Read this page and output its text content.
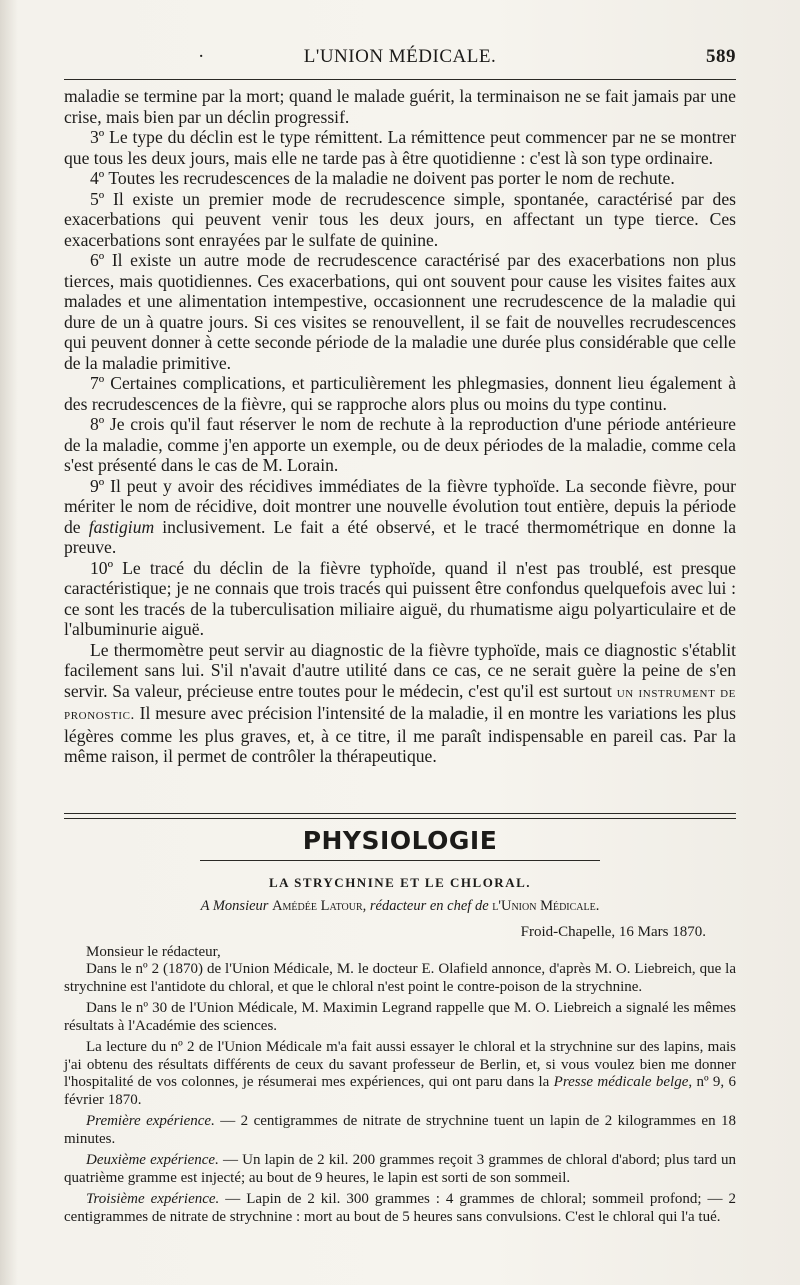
·	L'UNION MÉDICALE.	589

maladie se termine par la mort; quand le malade guérit, la terminaison ne se fait jamais par une crise, mais bien par un déclin progressif.

3º Le type du déclin est le type rémittent. La rémittence peut commencer par ne se montrer que tous les deux jours, mais elle ne tarde pas à être quotidienne : c'est là son type ordinaire.

4º Toutes les recrudescences de la maladie ne doivent pas porter le nom de rechute.

5º Il existe un premier mode de recrudescence simple, spontanée, caractérisé par des exacerbations qui peuvent venir tous les deux jours, en affectant un type tierce. Ces exacerbations sont enrayées par le sulfate de quinine.

6º Il existe un autre mode de recrudescence caractérisé par des exacerbations non plus tierces, mais quotidiennes. Ces exacerbations, qui ont souvent pour cause les visites faites aux malades et une alimentation intempestive, occasionnent une recrudescence de la maladie qui dure de un à quatre jours. Si ces visites se renouvellent, il se fait de nouvelles recrudescences qui peuvent donner à cette seconde période de la maladie une durée plus considérable que celle de la maladie primitive.

7º Certaines complications, et particulièrement les phlegmasies, donnent lieu également à des recrudescences de la fièvre, qui se rapproche alors plus ou moins du type continu.

8º Je crois qu'il faut réserver le nom de rechute à la reproduction d'une période antérieure de la maladie, comme j'en apporte un exemple, ou de deux périodes de la maladie, comme cela s'est présenté dans le cas de M. Lorain.

9º Il peut y avoir des récidives immédiates de la fièvre typhoïde. La seconde fièvre, pour mériter le nom de récidive, doit montrer une nouvelle évolution tout entière, depuis la période de fastigium inclusivement. Le fait a été observé, et le tracé thermométrique en donne la preuve.

10º Le tracé du déclin de la fièvre typhoïde, quand il n'est pas troublé, est presque caractéristique; je ne connais que trois tracés qui puissent être confondus quelquefois avec lui : ce sont les tracés de la tuberculisation miliaire aiguë, du rhumatisme aigu polyarticulaire et de l'albuminurie aiguë.

Le thermomètre peut servir au diagnostic de la fièvre typhoïde, mais ce diagnostic s'établit facilement sans lui. S'il n'avait d'autre utilité dans ce cas, ce ne serait guère la peine de s'en servir. Sa valeur, précieuse entre toutes pour le médecin, c'est qu'il est surtout un instrument de pronostic. Il mesure avec précision l'intensité de la maladie, il en montre les variations les plus légères comme les plus graves, et, à ce titre, il me paraît indispensable en pareil cas. Par la même raison, il permet de contrôler la thérapeutique.

PHYSIOLOGIE
LA STRYCHNINE ET LE CHLORAL.
A Monsieur Amédée Latour, rédacteur en chef de l'Union Médicale.

Froid-Chapelle, 16 Mars 1870.

Monsieur le rédacteur,

Dans le nº 2 (1870) de l'Union Médicale, M. le docteur E. Olafield annonce, d'après M. O. Liebreich, que la strychnine est l'antidote du chloral, et que le chloral n'est point le contre-poison de la strychnine.

Dans le nº 30 de l'Union Médicale, M. Maximin Legrand rappelle que M. O. Liebreich a signalé les mêmes résultats à l'Académie des sciences.

La lecture du nº 2 de l'Union Médicale m'a fait aussi essayer le chloral et la strychnine sur des lapins, mais j'ai obtenu des résultats différents de ceux du savant professeur de Berlin, et, si vous voulez bien me donner l'hospitalité de vos colonnes, je résumerai mes expériences, qui ont paru dans la Presse médicale belge, nº 9, 6 février 1870.

Première expérience. — 2 centigrammes de nitrate de strychnine tuent un lapin de 2 kilogrammes en 18 minutes.

Deuxième expérience. — Un lapin de 2 kil. 200 grammes reçoit 3 grammes de chloral d'abord; plus tard un quatrième gramme est injecté; au bout de 9 heures, le lapin est sorti de son sommeil.

Troisième expérience. — Lapin de 2 kil. 300 grammes : 4 grammes de chloral; sommeil profond; — 2 centigrammes de nitrate de strychnine : mort au bout de 5 heures sans convulsions. C'est le chloral qui l'a tué.
